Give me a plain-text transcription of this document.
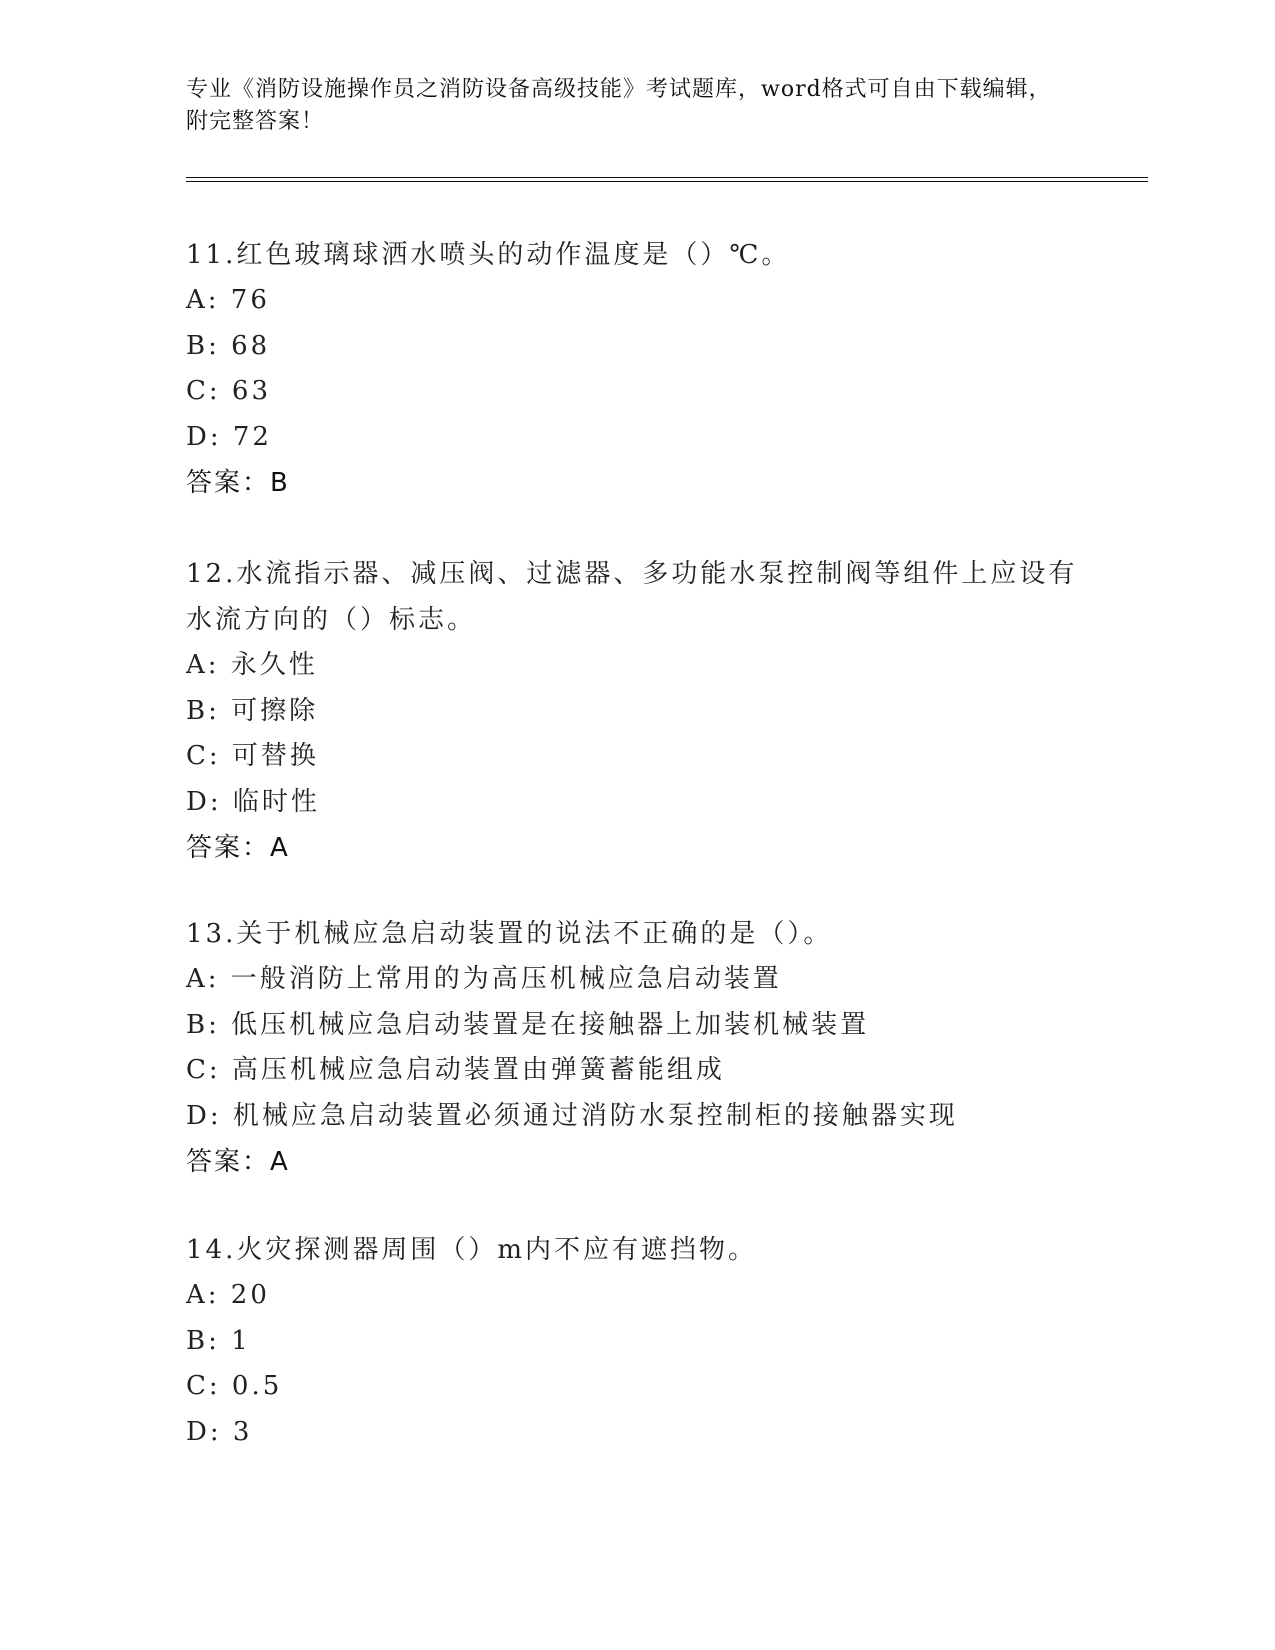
专业《消防设施操作员之消防设备高级技能》考试题库，word格式可自由下载编辑，附完整答案！

11.红色玻璃球洒水喷头的动作温度是（）℃。

A: 76

B: 68

C: 63

D: 72

答案：B

12.水流指示器、减压阀、过滤器、多功能水泵控制阀等组件上应设有水流方向的（）标志。

A: 永久性

B: 可擦除

C: 可替换

D: 临时性

答案：A

13.关于机械应急启动装置的说法不正确的是（）。

A: 一般消防上常用的为高压机械应急启动装置

B: 低压机械应急启动装置是在接触器上加装机械装置

C: 高压机械应急启动装置由弹簧蓄能组成

D: 机械应急启动装置必须通过消防水泵控制柜的接触器实现

答案：A

14.火灾探测器周围（）m内不应有遮挡物。

A: 20

B: 1

C: 0.5

D: 3
